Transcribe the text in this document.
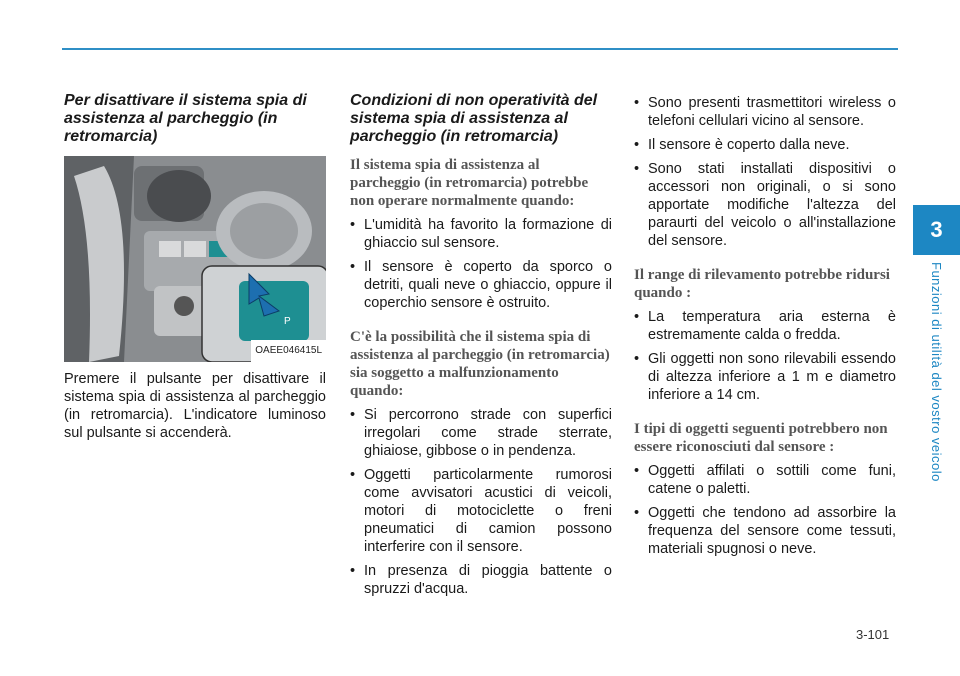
3
Funzioni di utilità del vostro veicolo
Per disattivare il sistema spia di assistenza al parcheggio (in retromarcia)
P
OAEE046415L

Premere il pulsante per disattivare il sistema spia di assistenza al parcheggio (in retromarcia). L'indicatore luminoso sul pulsante si accenderà.

Condizioni di non operatività del sistema spia di assistenza al parcheggio (in retromarcia)

Il sistema spia di assistenza al parcheggio (in retromarcia) potrebbe non operare normalmente quando:

• L'umidità ha favorito la formazione di ghiaccio sul sensore.
• Il sensore è coperto da sporco o detriti, quali neve o ghiaccio, oppure il coperchio sensore è ostruito.

C'è la possibilità che il sistema spia di assistenza al parcheggio (in retromarcia) sia soggetto a malfunzionamento quando:

• Si percorrono strade con superfici irregolari come strade sterrate, ghiaiose, gibbose o in pendenza.
• Oggetti particolarmente rumorosi come avvisatori acustici di veicoli, motori di motociclette o freni pneumatici di camion possono interferire con il sensore.
• In presenza di pioggia battente o spruzzi d'acqua.
• Sono presenti trasmettitori wireless o telefoni cellulari vicino al sensore.
• Il sensore è coperto dalla neve.
• Sono stati installati dispositivi o accessori non originali, o si sono apportate modifiche l'altezza del paraurti del veicolo o all'installazione del sensore.

Il range di rilevamento potrebbe ridursi quando :

• La temperatura aria esterna è estremamente calda o fredda.
• Gli oggetti non sono rilevabili essendo di altezza inferiore a 1 m e diametro inferiore a 14 cm.

I tipi di oggetti seguenti potrebbero non essere riconosciuti dal sensore :

• Oggetti affilati o sottili come funi, catene o paletti.
• Oggetti che tendono ad assorbire la frequenza del sensore come tessuti, materiali spugnosi o neve.
3-101
